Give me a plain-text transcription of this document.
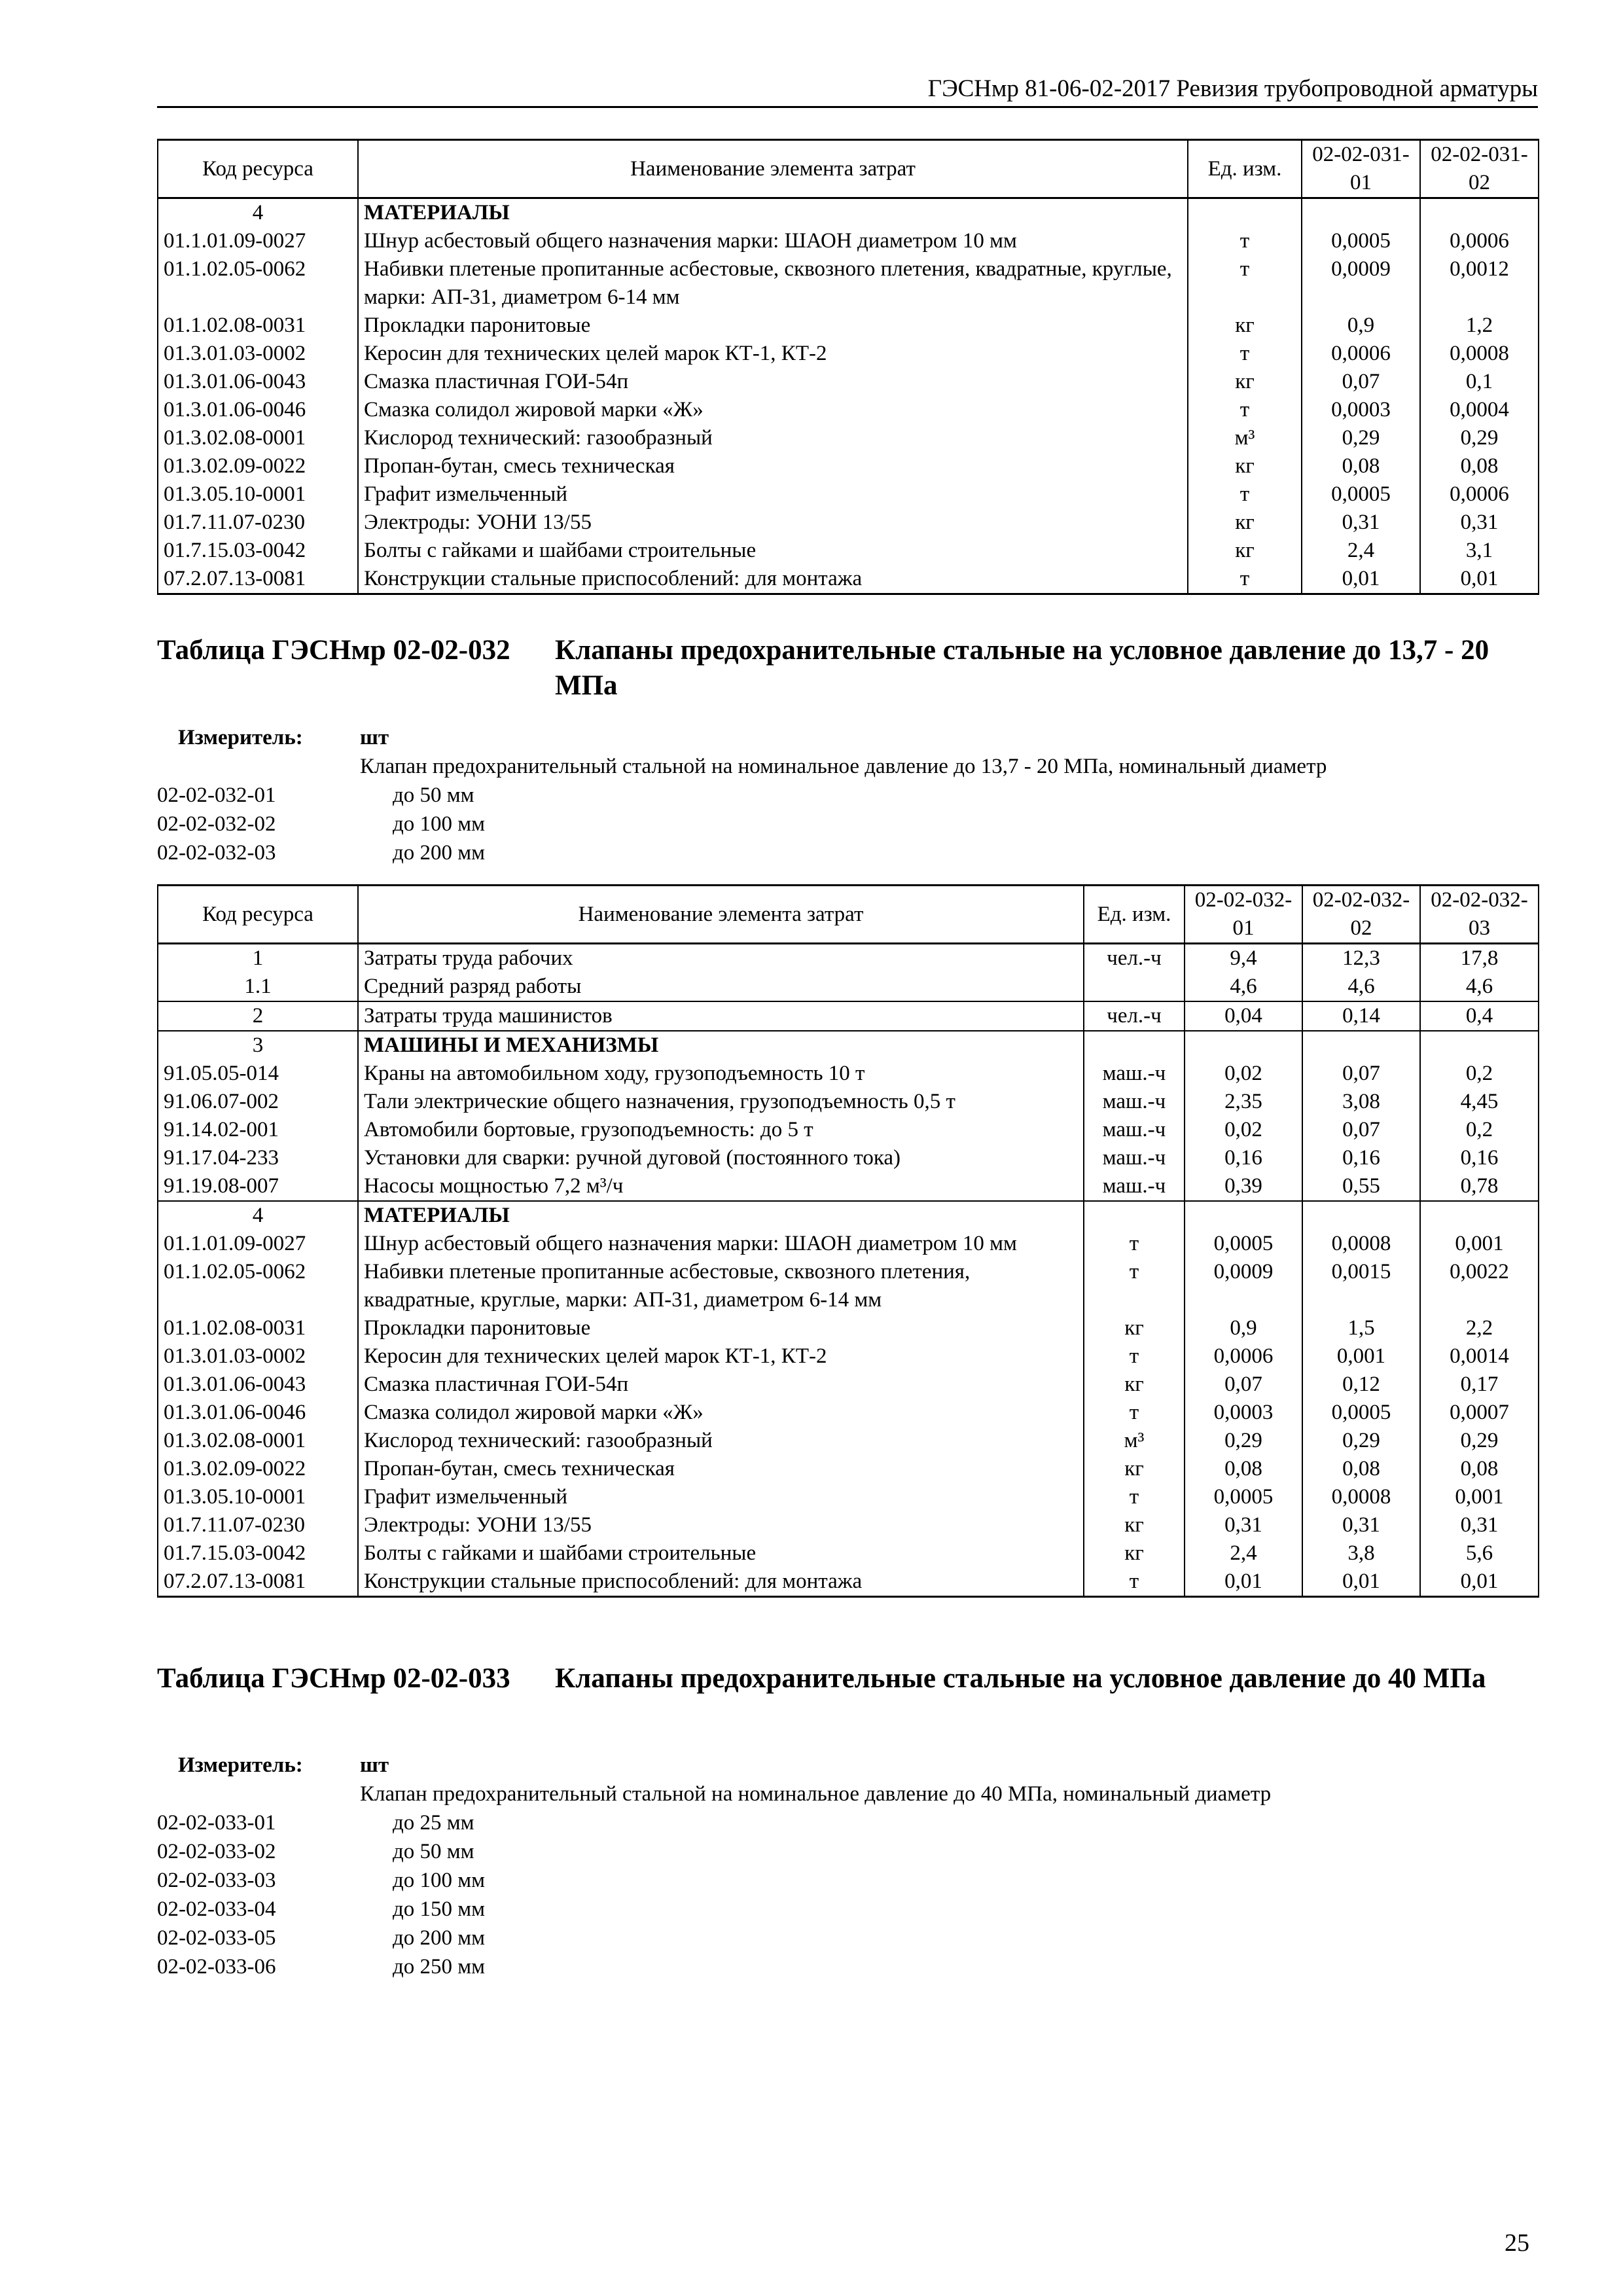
ГЭСНмр 81-06-02-2017 Ревизия трубопроводной арматуры
Код ресурса	Наименование элемента затрат	Ед. изм.	02-02-031-01	02-02-031-02
4	МАТЕРИАЛЫ			
01.1.01.09-0027	Шнур асбестовый общего назначения марки: ШАОН диаметром 10 мм	т	0,0005	0,0006
01.1.02.05-0062	Набивки плетеные пропитанные асбестовые, сквозного плетения, квадратные, круглые, марки: АП-31, диаметром 6-14 мм	т	0,0009	0,0012
01.1.02.08-0031	Прокладки паронитовые	кг	0,9	1,2
01.3.01.03-0002	Керосин для технических целей марок КТ-1, КТ-2	т	0,0006	0,0008
01.3.01.06-0043	Смазка пластичная ГОИ-54п	кг	0,07	0,1
01.3.01.06-0046	Смазка солидол жировой марки «Ж»	т	0,0003	0,0004
01.3.02.08-0001	Кислород технический: газообразный	м³	0,29	0,29
01.3.02.09-0022	Пропан-бутан, смесь техническая	кг	0,08	0,08
01.3.05.10-0001	Графит измельченный	т	0,0005	0,0006
01.7.11.07-0230	Электроды: УОНИ 13/55	кг	0,31	0,31
01.7.15.03-0042	Болты с гайками и шайбами строительные	кг	2,4	3,1
07.2.07.13-0081	Конструкции стальные приспособлений: для монтажа	т	0,01	0,01
Таблица ГЭСНмр 02-02-032 Клапаны предохранительные стальные на условное давление до 13,7 - 20 МПа
Измеритель:	шт
Клапан предохранительный стальной на номинальное давление до 13,7 - 20 МПа, номинальный диаметр
02-02-032-01	до 50 мм
02-02-032-02	до 100 мм
02-02-032-03	до 200 мм
Код ресурса	Наименование элемента затрат	Ед. изм.	02-02-032-01	02-02-032-02	02-02-032-03
1	Затраты труда рабочих	чел.-ч	9,4	12,3	17,8
1.1	Средний разряд работы		4,6	4,6	4,6
2	Затраты труда машинистов	чел.-ч	0,04	0,14	0,4
3	МАШИНЫ И МЕХАНИЗМЫ				
91.05.05-014	Краны на автомобильном ходу, грузоподъемность 10 т	маш.-ч	0,02	0,07	0,2
91.06.07-002	Тали электрические общего назначения, грузоподъемность 0,5 т	маш.-ч	2,35	3,08	4,45
91.14.02-001	Автомобили бортовые, грузоподъемность: до 5 т	маш.-ч	0,02	0,07	0,2
91.17.04-233	Установки для сварки: ручной дуговой (постоянного тока)	маш.-ч	0,16	0,16	0,16
91.19.08-007	Насосы мощностью 7,2 м³/ч	маш.-ч	0,39	0,55	0,78
4	МАТЕРИАЛЫ				
01.1.01.09-0027	Шнур асбестовый общего назначения марки: ШАОН диаметром 10 мм	т	0,0005	0,0008	0,001
01.1.02.05-0062	Набивки плетеные пропитанные асбестовые, сквозного плетения, квадратные, круглые, марки: АП-31, диаметром 6-14 мм	т	0,0009	0,0015	0,0022
01.1.02.08-0031	Прокладки паронитовые	кг	0,9	1,5	2,2
01.3.01.03-0002	Керосин для технических целей марок КТ-1, КТ-2	т	0,0006	0,001	0,0014
01.3.01.06-0043	Смазка пластичная ГОИ-54п	кг	0,07	0,12	0,17
01.3.01.06-0046	Смазка солидол жировой марки «Ж»	т	0,0003	0,0005	0,0007
01.3.02.08-0001	Кислород технический: газообразный	м³	0,29	0,29	0,29
01.3.02.09-0022	Пропан-бутан, смесь техническая	кг	0,08	0,08	0,08
01.3.05.10-0001	Графит измельченный	т	0,0005	0,0008	0,001
01.7.11.07-0230	Электроды: УОНИ 13/55	кг	0,31	0,31	0,31
01.7.15.03-0042	Болты с гайками и шайбами строительные	кг	2,4	3,8	5,6
07.2.07.13-0081	Конструкции стальные приспособлений: для монтажа	т	0,01	0,01	0,01
Таблица ГЭСНмр 02-02-033 Клапаны предохранительные стальные на условное давление до 40 МПа
Измеритель:	шт
Клапан предохранительный стальной на номинальное давление до 40 МПа, номинальный диаметр
02-02-033-01	до 25 мм
02-02-033-02	до 50 мм
02-02-033-03	до 100 мм
02-02-033-04	до 150 мм
02-02-033-05	до 200 мм
02-02-033-06	до 250 мм
25
